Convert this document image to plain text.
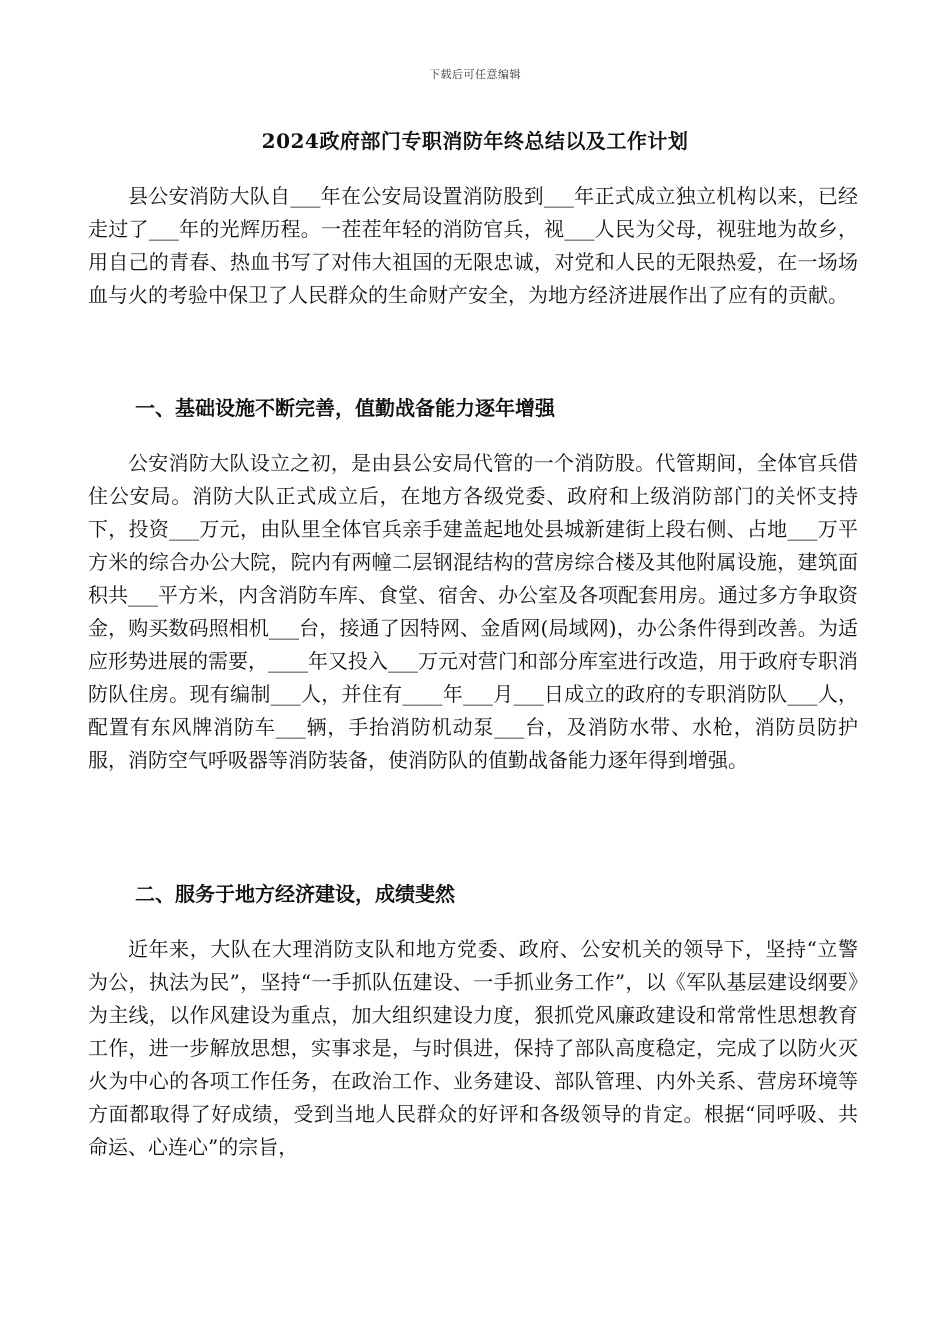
下载后可任意编辑
2024政府部门专职消防年终总结以及工作计划

县公安消防大队自___年在公安局设置消防股到___年正式成立独立机构以来，已经走过了___年的光辉历程。一茬茬年轻的消防官兵，视___人民为父母，视驻地为故乡，用自己的青春、热血书写了对伟大祖国的无限忠诚，对党和人民的无限热爱，在一场场血与火的考验中保卫了人民群众的生命财产安全，为地方经济进展作出了应有的贡献。

一、基础设施不断完善，值勤战备能力逐年增强

公安消防大队设立之初，是由县公安局代管的一个消防股。代管期间，全体官兵借住公安局。消防大队正式成立后，在地方各级党委、政府和上级消防部门的关怀支持下，投资___万元，由队里全体官兵亲手建盖起地处县城新建街上段右侧、占地___万平方米的综合办公大院，院内有两幢二层钢混结构的营房综合楼及其他附属设施，建筑面积共___平方米，内含消防车库、食堂、宿舍、办公室及各项配套用房。通过多方争取资金，购买数码照相机___台，接通了因特网、金盾网(局域网)，办公条件得到改善。为适应形势进展的需要，____年又投入___万元对营门和部分库室进行改造，用于政府专职消防队住房。现有编制___人，并住有____年___月___日成立的政府的专职消防队___人，配置有东风牌消防车___辆，手抬消防机动泵___台，及消防水带、水枪，消防员防护服，消防空气呼吸器等消防装备，使消防队的值勤战备能力逐年得到增强。

二、服务于地方经济建设，成绩斐然

近年来，大队在大理消防支队和地方党委、政府、公安机关的领导下，坚持“立警为公，执法为民”，坚持“一手抓队伍建设、一手抓业务工作”，以《军队基层建设纲要》为主线，以作风建设为重点，加大组织建设力度，狠抓党风廉政建设和常常性思想教育工作，进一步解放思想，实事求是，与时俱进，保持了部队高度稳定，完成了以防火灭火为中心的各项工作任务，在政治工作、业务建设、部队管理、内外关系、营房环境等方面都取得了好成绩，受到当地人民群众的好评和各级领导的肯定。根据“同呼吸、共命运、心连心”的宗旨，
